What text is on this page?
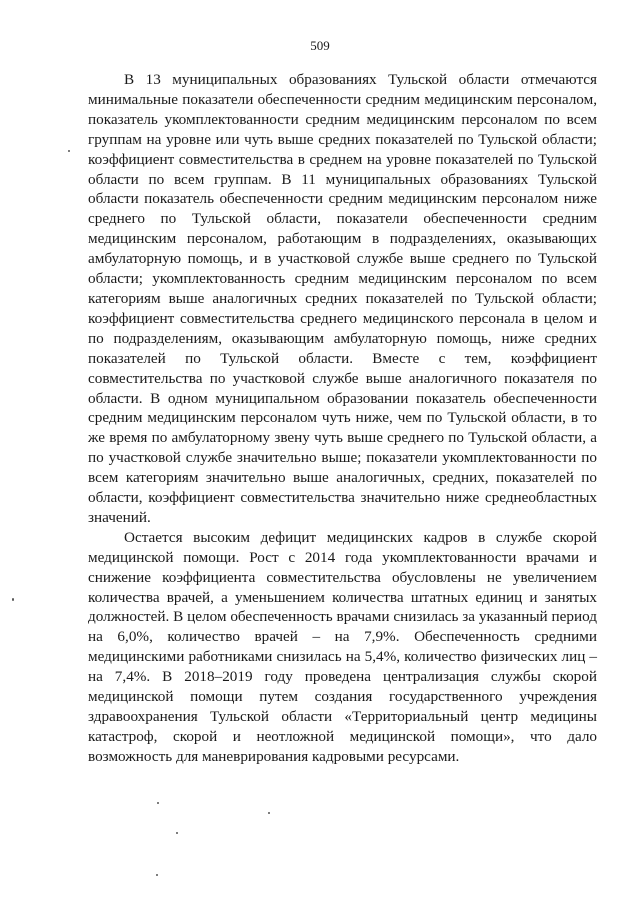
509

В 13 муниципальных образованиях Тульской области отмечаются минимальные показатели обеспеченности средним медицинским персоналом, показатель укомплектованности средним медицинским персоналом по всем группам на уровне или чуть выше средних показателей по Тульской области; коэффициент совместительства в среднем на уровне показателей по Тульской области по всем группам. В 11 муниципальных образованиях Тульской области показатель обеспеченности средним медицинским персоналом ниже среднего по Тульской области, показатели обеспеченности средним медицинским персоналом, работающим в подразделениях, оказывающих амбулаторную помощь, и в участковой службе выше среднего по Тульской области; укомплектованность средним медицинским персоналом по всем категориям выше аналогичных средних показателей по Тульской области; коэффициент совместительства среднего медицинского персонала в целом и по подразделениям, оказывающим амбулаторную помощь, ниже средних показателей по Тульской области. Вместе с тем, коэффициент совместительства по участковой службе выше аналогичного показателя по области. В одном муниципальном образовании показатель обеспеченности средним медицинским персоналом чуть ниже, чем по Тульской области, в то же время по амбулаторному звену чуть выше среднего по Тульской области, а по участковой службе значительно выше; показатели укомплектованности по всем категориям значительно выше аналогичных, средних, показателей по области, коэффициент совместительства значительно ниже среднеобластных значений.

Остается высоким дефицит медицинских кадров в службе скорой медицинской помощи. Рост с 2014 года укомплектованности врачами и снижение коэффициента совместительства обусловлены не увеличением количества врачей, а уменьшением количества штатных единиц и занятых должностей. В целом обеспеченность врачами снизилась за указанный период на 6,0%, количество врачей – на 7,9%. Обеспеченность средними медицинскими работниками снизилась на 5,4%, количество физических лиц – на 7,4%. В 2018–2019 году проведена централизация службы скорой медицинской помощи путем создания государственного учреждения здравоохранения Тульской области «Территориальный центр медицины катастроф, скорой и неотложной медицинской помощи», что дало возможность для маневрирования кадровыми ресурсами.
